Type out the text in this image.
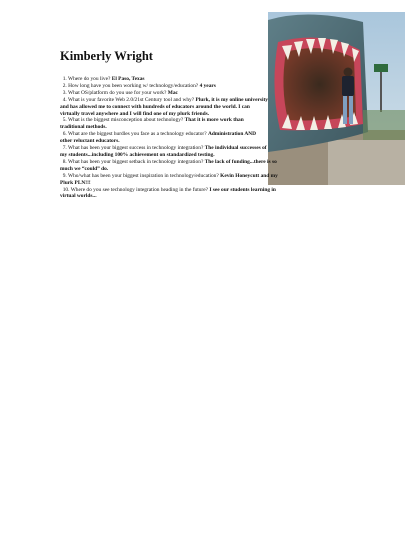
Kimberly Wright

1. Where do you live? El Paso, Texas

2. How long have you been working w/ technology/education? 4 years

3. What OS/platform do you use for your work? Mac

4. What is your favorite Web 2.0/21st Century tool and why? Plurk, it is my online university and has allowed me to connect with hundreds of educators around the world. I can virtually travel anywhere and I will find one of my plurk friends.

5. What is the biggest misconception about technology? That it is more work than traditional methods.

6. What are the biggest hurdles you face as a technology educator? Administration AND other reluctant educators.

7. What has been your biggest success in technology integration? The individual successes of my students...including 100% achievement on standardized testing.

8. What has been your biggest setback in technology integration? The lack of funding...there is so much we “could” do.

9. Who/what has been your biggest inspiration in technology/education? Kevin Honeycutt and my Plurk PLN!!!

10. Where do you see technology integration heading in the future? I see our students learning in virtual worlds...
